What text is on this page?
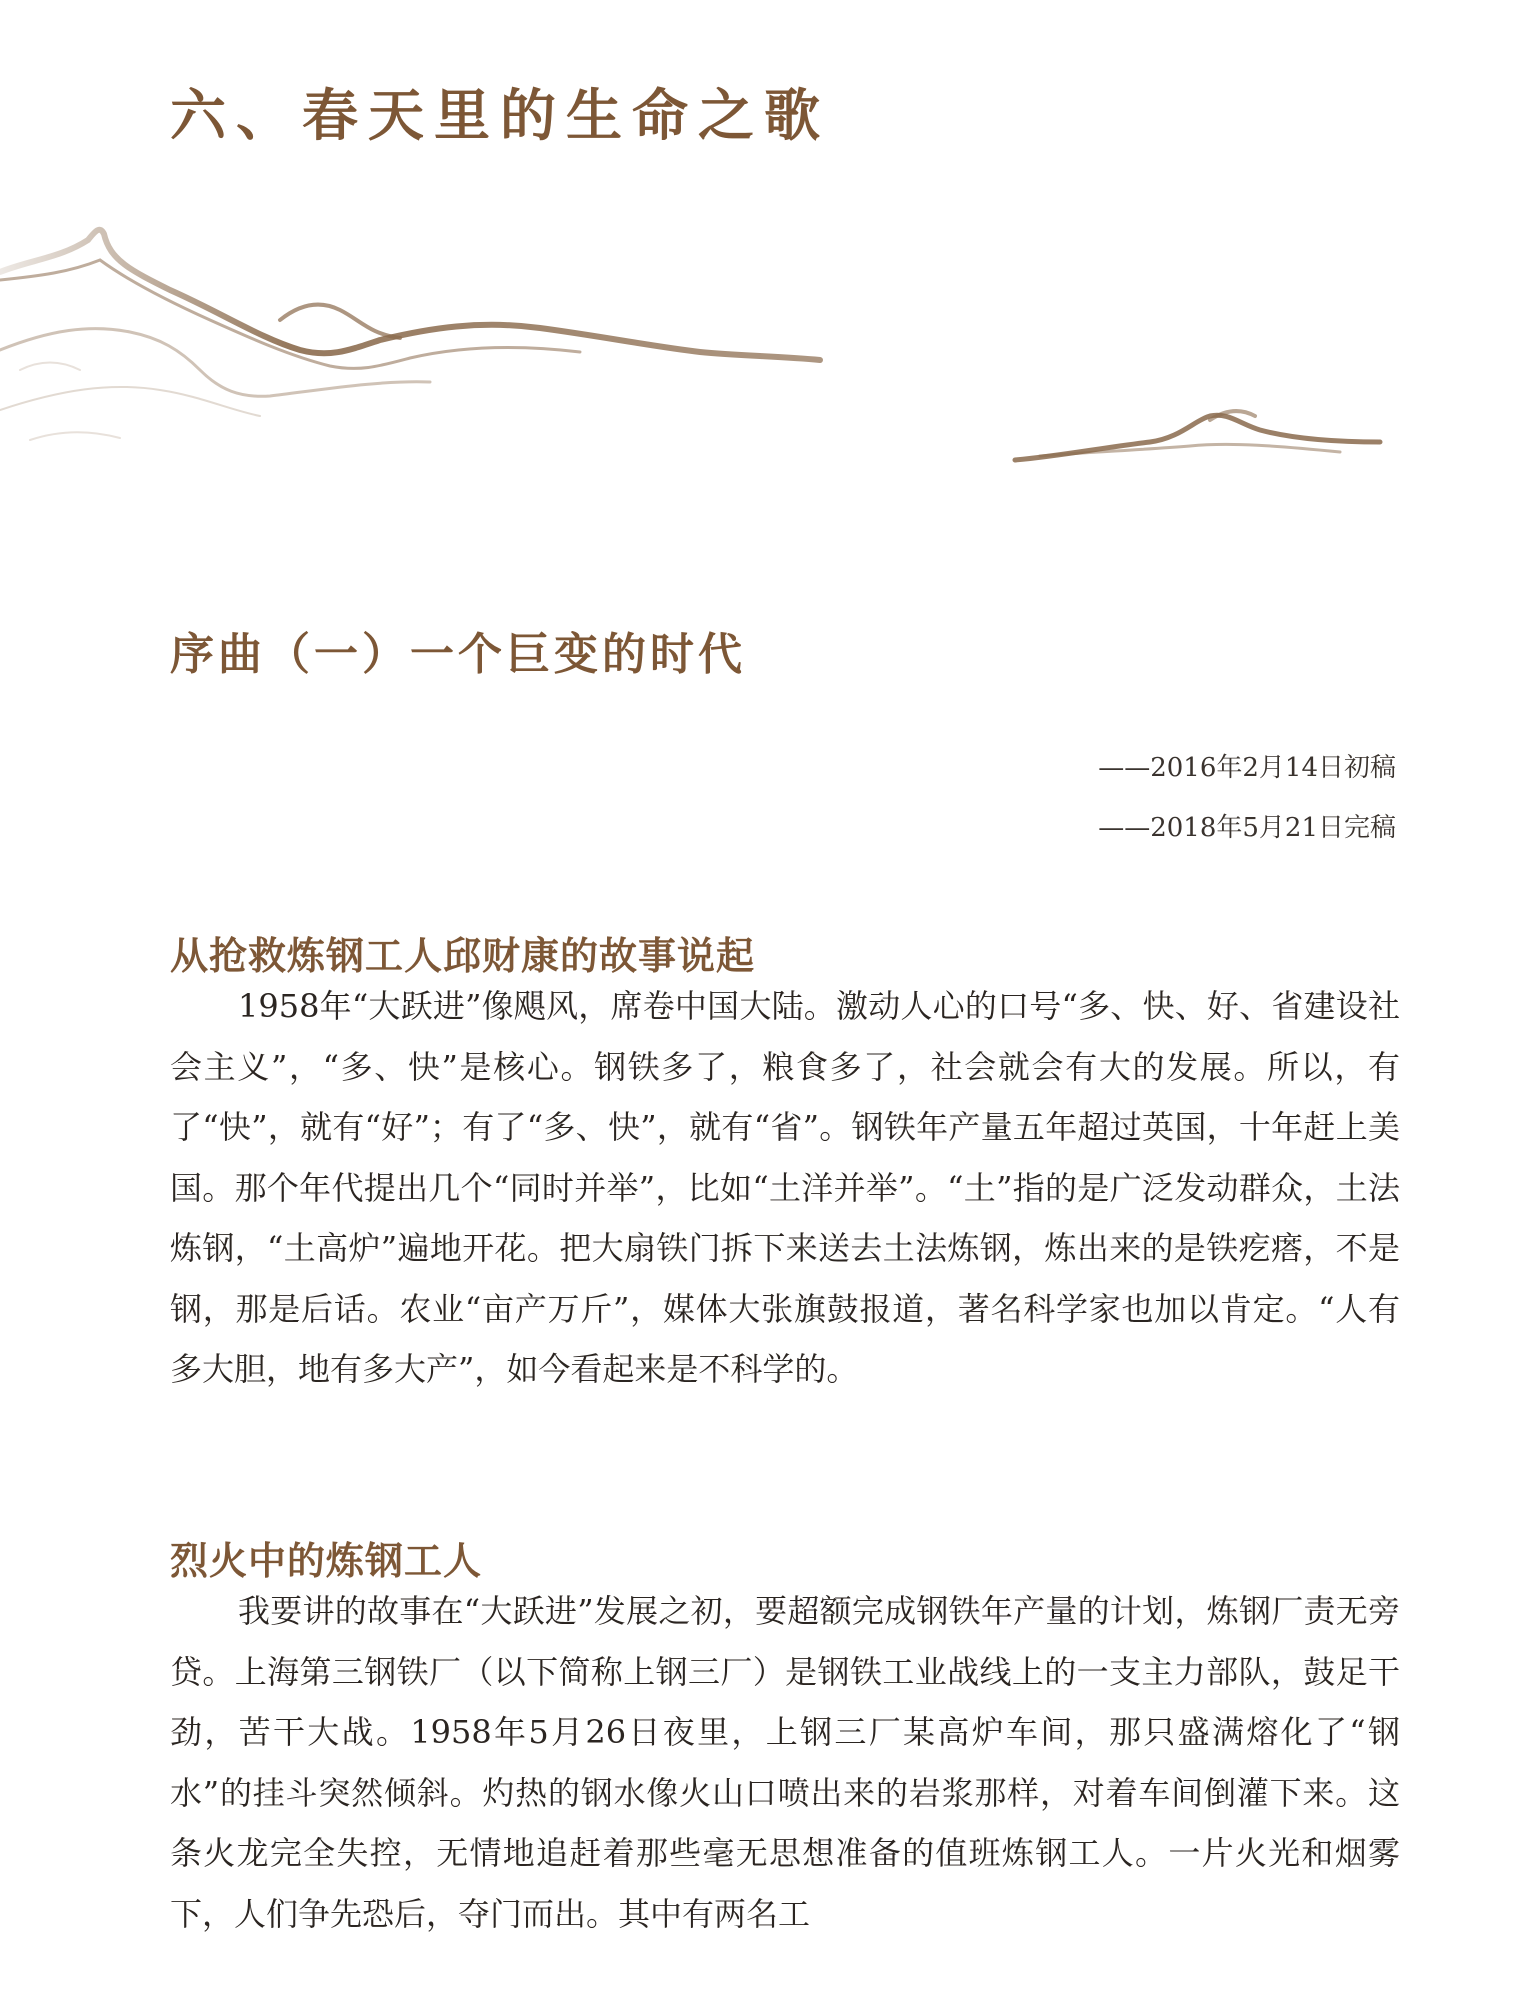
六、春天里的生命之歌
序曲（一）一个巨变的时代
——2016年2月14日初稿
——2018年5月21日完稿
从抢救炼钢工人邱财康的故事说起

1958年“大跃进”像飓风，席卷中国大陆。激动人心的口号“多、快、好、省建设社会主义”，“多、快”是核心。钢铁多了，粮食多了，社会就会有大的发展。所以，有了“快”，就有“好”；有了“多、快”，就有“省”。钢铁年产量五年超过英国，十年赶上美国。那个年代提出几个“同时并举”，比如“土洋并举”。“土”指的是广泛发动群众，土法炼钢，“土高炉”遍地开花。把大扇铁门拆下来送去土法炼钢，炼出来的是铁疙瘩，不是钢，那是后话。农业“亩产万斤”，媒体大张旗鼓报道，著名科学家也加以肯定。“人有多大胆，地有多大产”，如今看起来是不科学的。

烈火中的炼钢工人

我要讲的故事在“大跃进”发展之初，要超额完成钢铁年产量的计划，炼钢厂责无旁贷。上海第三钢铁厂（以下简称上钢三厂）是钢铁工业战线上的一支主力部队，鼓足干劲，苦干大战。1958年5月26日夜里，上钢三厂某高炉车间，那只盛满熔化了“钢水”的挂斗突然倾斜。灼热的钢水像火山口喷出来的岩浆那样，对着车间倒灌下来。这条火龙完全失控，无情地追赶着那些毫无思想准备的值班炼钢工人。一片火光和烟雾下，人们争先恐后，夺门而出。其中有两名工
